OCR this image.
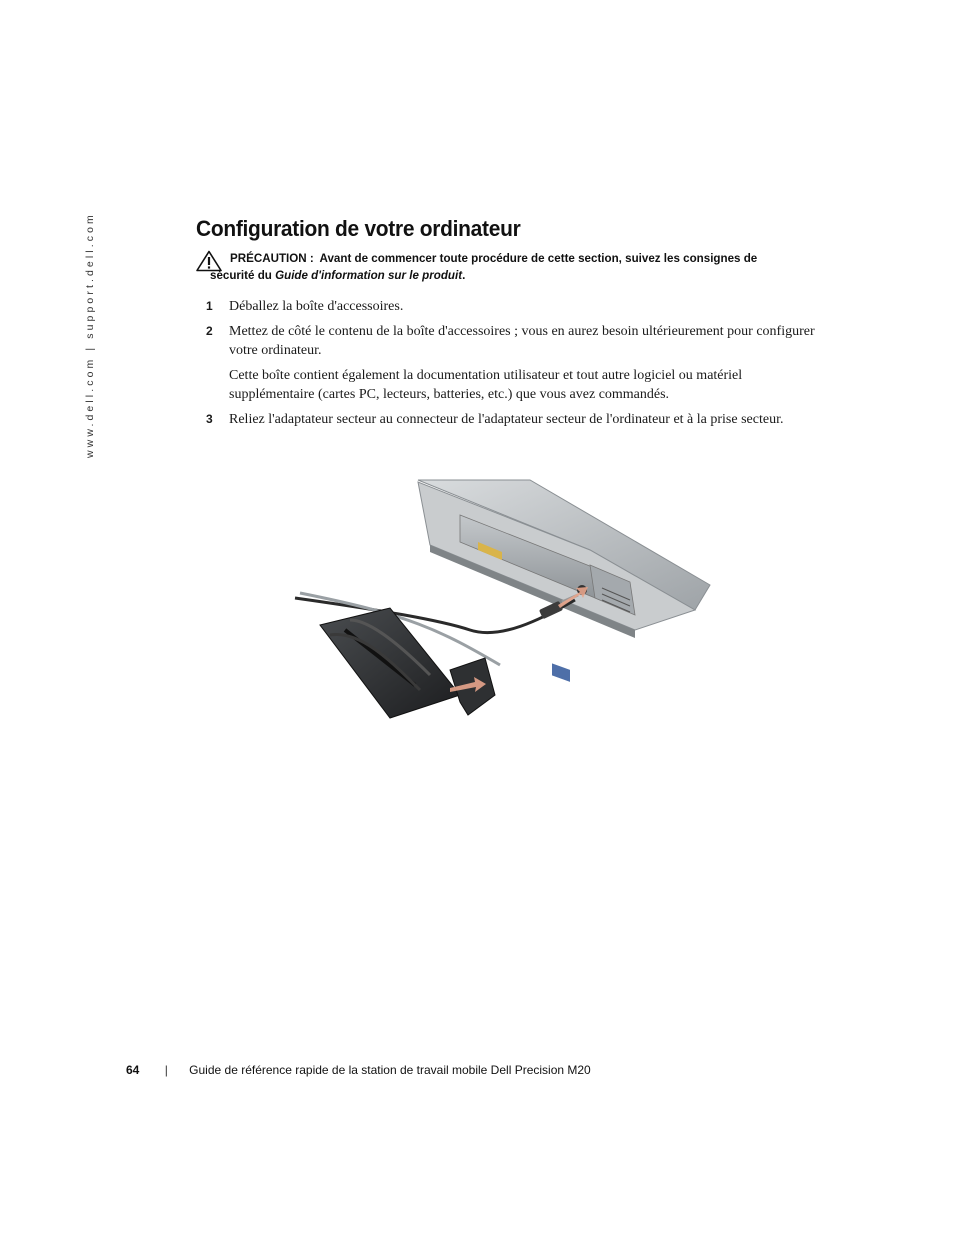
www.dell.com | support.dell.com	Configuration de votre ordinateur
PRÉCAUTION : Avant de commencer toute procédure de cette section, suivez les consignes de
sécurité du Guide d'information sur le produit.
1 Déballez la boîte d'accessoires.

2 Mettez de côté le contenu de la boîte d'accessoires ; vous en aurez besoin ultérieurement pour configurer votre ordinateur.

Cette boîte contient également la documentation utilisateur et tout autre logiciel ou matériel supplémentaire (cartes PC, lecteurs, batteries, etc.) que vous avez commandés.

3 Reliez l'adaptateur secteur au connecteur de l'adaptateur secteur de l'ordinateur et à la prise secteur.

64 | Guide de référence rapide de la station de travail mobile Dell Precision M20
